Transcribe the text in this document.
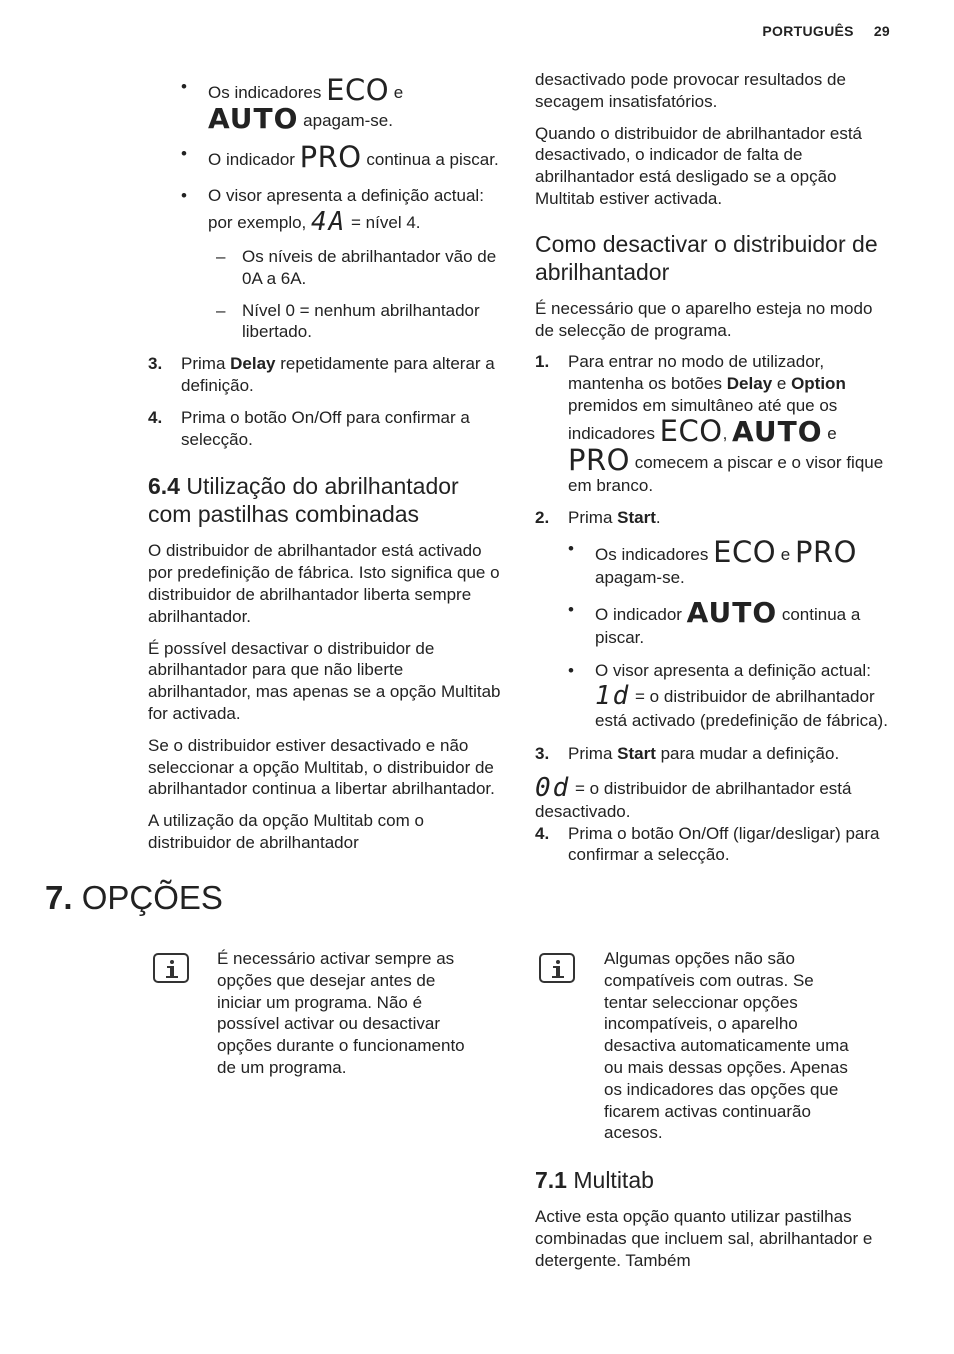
PORTUGUÊS 29

• Os indicadores ECO e
AUTO apagam-se.

• O indicador PRO continua a piscar.

• O visor apresenta a definição actual: por exemplo, 4A = nível 4.

– Os níveis de abrilhantador vão de 0A a 6A.

– Nível 0 = nenhum abrilhantador libertado.

3. Prima Delay repetidamente para alterar a definição.

4. Prima o botão On/Off para confirmar a selecção.

6.4 Utilização do abrilhantador com pastilhas combinadas

O distribuidor de abrilhantador está activado por predefinição de fábrica. Isto significa que o distribuidor de abrilhantador liberta sempre abrilhantador.

É possível desactivar o distribuidor de abrilhantador para que não liberte abrilhantador, mas apenas se a opção Multitab for activada.

Se o distribuidor estiver desactivado e não seleccionar a opção Multitab, o distribuidor de abrilhantador continua a libertar abrilhantador.

A utilização da opção Multitab com o distribuidor de abrilhantador

desactivado pode provocar resultados de secagem insatisfatórios.

Quando o distribuidor de abrilhantador está desactivado, o indicador de falta de abrilhantador está desligado se a opção Multitab estiver activada.

Como desactivar o distribuidor de abrilhantador

É necessário que o aparelho esteja no modo de selecção de programa.

1. Para entrar no modo de utilizador, mantenha os botões Delay e Option premidos em simultâneo até que os indicadores ECO, AUTO e
PRO comecem a piscar e o visor fique em branco.

2. Prima Start.

• Os indicadores ECO e PRO
apagam-se.

• O indicador AUTO continua a piscar.

• O visor apresenta a definição actual: 1d = o distribuidor de abrilhantador está activado (predefinição de fábrica).

3. Prima Start para mudar a definição.

0d = o distribuidor de abrilhantador está desactivado.

4. Prima o botão On/Off (ligar/desligar) para confirmar a selecção.

7. OPÇÕES
É necessário activar sempre as opções que desejar antes de iniciar um programa. Não é possível activar ou desactivar opções durante o funcionamento de um programa.
Algumas opções não são compatíveis com outras. Se tentar seleccionar opções incompatíveis, o aparelho desactiva automaticamente uma ou mais dessas opções. Apenas os indicadores das opções que ficarem activas continuarão acesos.
7.1 Multitab
Active esta opção quanto utilizar pastilhas combinadas que incluem sal, abrilhantador e detergente. Também
